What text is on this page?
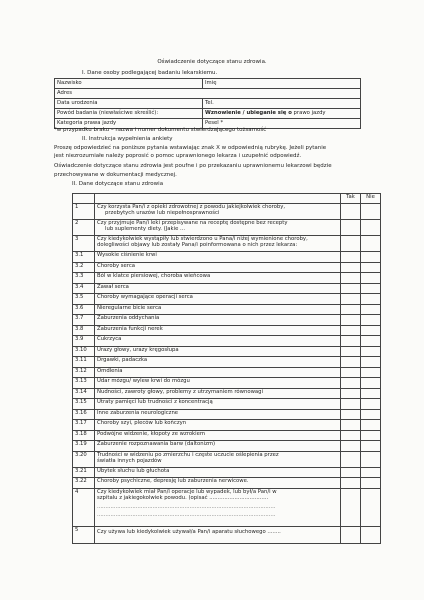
Oświadczenie dotyczące stanu zdrowia.
I. Dane osoby podlegającej badaniu lekarskiemu.
Nazwisko	Imię
Adres	
Data urodzenia	Tel.
Powód badania (niewłaściwe skreślić):	Wznowienie / ubieganie się o prawo jazdy
Kategoria prawa jazdy	Pesel *
*w przypadku braku – nazwa i numer dokumentu stwierdzającego tożsamość
II. Instrukcja wypełnienia ankiety
Proszę odpowiedzieć na poniższe pytania wstawiając znak X w odpowiednią rubrykę. Jeżeli pytanie
jest niezrozumiałe należy poprosić o pomoc uprawnionego lekarza i uzupełnić odpowiedź.
Oświadczenie dotyczące stanu zdrowia jest poufne i po przekazaniu uprawnionemu lekarzowi będzie
przechowywane w dokumentacji medycznej.
II. Dane dotyczące stanu zdrowia
		Tak	Nie
1	Czy korzysta Pan/i z opieki zdrowotnej z powodu jakiejkolwiek choroby,
przebytych urazów lub niepełnosprawności		

2	Czy przyjmuje Pan/i leki przepisywane na receptę dostępne bez recepty
lub suplementy diety. (Jakie ...		

3	Czy kiedykolwiek wystąpiły lub stwierdzono u Pana/i niżej wymienione choroby,
dolegliwości objawy lub zostały Pana/i poinformowana o nich przez lekarza:		

3.1	Wysokie ciśnienie krwi		
3.2	Choroby serca		
3.3	Ból w klatce piersiowej, choroba wieńcowa		
3.4	Zawał serca		
3.5	Choroby wymagające operacji serca		
3.6	Nieregularne bicie serca		
3.7	Zaburzenia oddychania		
3.8	Zaburzenia funkcji nerek		
3.9	Cukrzyca		
3.10	Urazy głowy, urazy kręgosłupa		
3.11	Drgawki, padaczka		
3.12	Omdlenia		
3.13	Udar mózgu/ wylew krwi do mózgu		
3.14	Nudności, zawroty głowy, problemy z utrzymaniem równowagi		
3.15	Utraty pamięci lub trudności z koncentracją		
3.16	Inne zaburzenia neurologiczne		
3.17	Choroby szyi, pleców lub kończyn		
3.18	Podwójne widzenie, kłopoty ze wzrokiem		
3.19	Zaburzenie rozpoznawania barw (daltonizm)		
3.20	Trudności w widzeniu po zmierzchu i częste uczucie oślepienia przez
światła innych pojazdów		

3.21	Ubytek słuchu lub głuchota		
3.22	Choroby psychiczne, depresję lub zaburzenia nerwicowe.		
4	Czy kiedykolwiek miał Pan/i operacje lub wypadek, lub był/a Pan/i w
szpitalu z jakiegokolwiek powodu. (opisać ...................................
..........................................................................................................
..........................................................................................................		

5	Czy używa lub kiedykolwiek używał/a Pan/i aparatu słuchowego ........		
